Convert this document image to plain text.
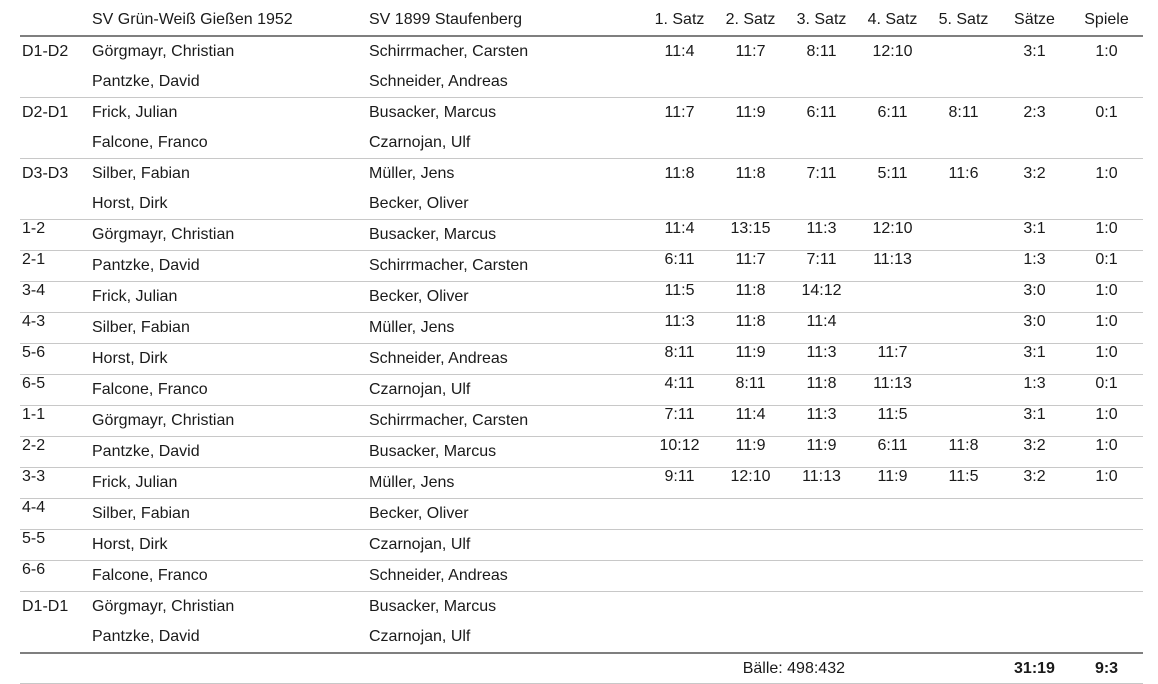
	SV Grün-Weiß Gießen 1952	SV 1899 Staufenberg	1. Satz	2. Satz	3. Satz	4. Satz	5. Satz	Sätze	Spiele
D1-D2	Görgmayr, Christian	Schirrmacher, Carsten	11:4	11:7	8:11	12:10		3:1	1:0
	Pantzke, David	Schneider, Andreas							
D2-D1	Frick, Julian	Busacker, Marcus	11:7	11:9	6:11	6:11	8:11	2:3	0:1
	Falcone, Franco	Czarnojan, Ulf							
D3-D3	Silber, Fabian	Müller, Jens	11:8	11:8	7:11	5:11	11:6	3:2	1:0
	Horst, Dirk	Becker, Oliver							
1-2	Görgmayr, Christian	Busacker, Marcus	11:4	13:15	11:3	12:10		3:1	1:0
2-1	Pantzke, David	Schirrmacher, Carsten	6:11	11:7	7:11	11:13		1:3	0:1
3-4	Frick, Julian	Becker, Oliver	11:5	11:8	14:12			3:0	1:0
4-3	Silber, Fabian	Müller, Jens	11:3	11:8	11:4			3:0	1:0
5-6	Horst, Dirk	Schneider, Andreas	8:11	11:9	11:3	11:7		3:1	1:0
6-5	Falcone, Franco	Czarnojan, Ulf	4:11	8:11	11:8	11:13		1:3	0:1
1-1	Görgmayr, Christian	Schirrmacher, Carsten	7:11	11:4	11:3	11:5		3:1	1:0
2-2	Pantzke, David	Busacker, Marcus	10:12	11:9	11:9	6:11	11:8	3:2	1:0
3-3	Frick, Julian	Müller, Jens	9:11	12:10	11:13	11:9	11:5	3:2	1:0
4-4	Silber, Fabian	Becker, Oliver							
5-5	Horst, Dirk	Czarnojan, Ulf							
6-6	Falcone, Franco	Schneider, Andreas							
D1-D1	Görgmayr, Christian	Busacker, Marcus							
	Pantzke, David	Czarnojan, Ulf							
			Bälle: 498:432					31:19	9:3
